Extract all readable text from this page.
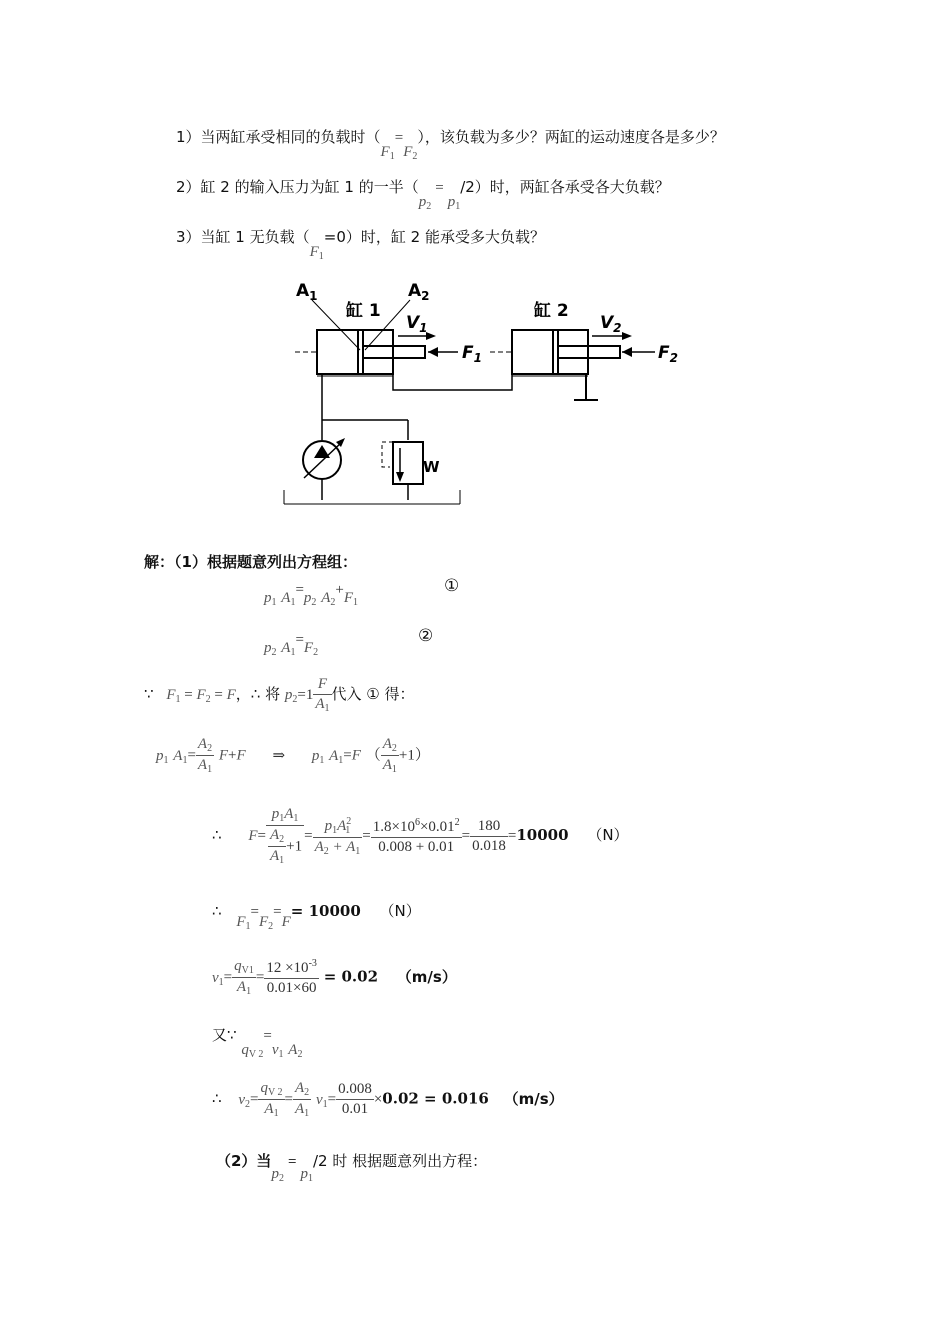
1）当两缸承受相同的负载时$(F_1=F_2)$，该负载为多少？两缸的运动速度各是多少？
2）缸 2 的输入压力为缸 1 的一半$(p_2=p_1/2)$时，两缸各承受各大负载？
3）当缸 1 无负载$(F_1=0)$时，缸 2 能承受多大负载？
$A_1$	$A_2$
缸 1	缸 2
$V_1$	$V_2$
$F_1$	$F_2$
W
解：（1）根据题意列出方程组：
$p_1$ $A_1=p_2$ $A_2+F_1$
①
$p_2$ $A_1=F_2$
②
∵ $F_1 = F_2 = F$，∴ 将 $p_2=1 \frac{F}{A_1}$ 代入 ① 得：
$p_1$ $A_1= \frac{A_2}{A_1} F+F$ ⇒ $p_1$ $A_1=F$ （ $\frac{A_2}{A_1} +1$）
∴ $F= \frac{p_1A_1}{\frac{A_2}{A_1} +1} = \frac{p_1A^2_1}{A_2 + A_1} = \frac{1.8\times 10^6\times 0.01^2}{0.008 + 0.01} = \frac{180}{0.018} =10000$ （N）
∴ $F_1=F_2=F= 10000$ （N）
$v_1= \frac{q_{V1}}{A_1} = \frac{12 \times 10^{-3}}{0.01\times 60} = 0.02$ （m/s）
又∵ $q_{V 2}=v_1$ $A_2$
∴ $v_2= \frac{q_{V 2}}{A_1} = \frac{A_2}{A_1} v_1= \frac{0.008}{0.01} \times 0.02 = 0.016$ （m/s）
（2）当$p_2=p_1/2$ 时 根据题意列出方程：
